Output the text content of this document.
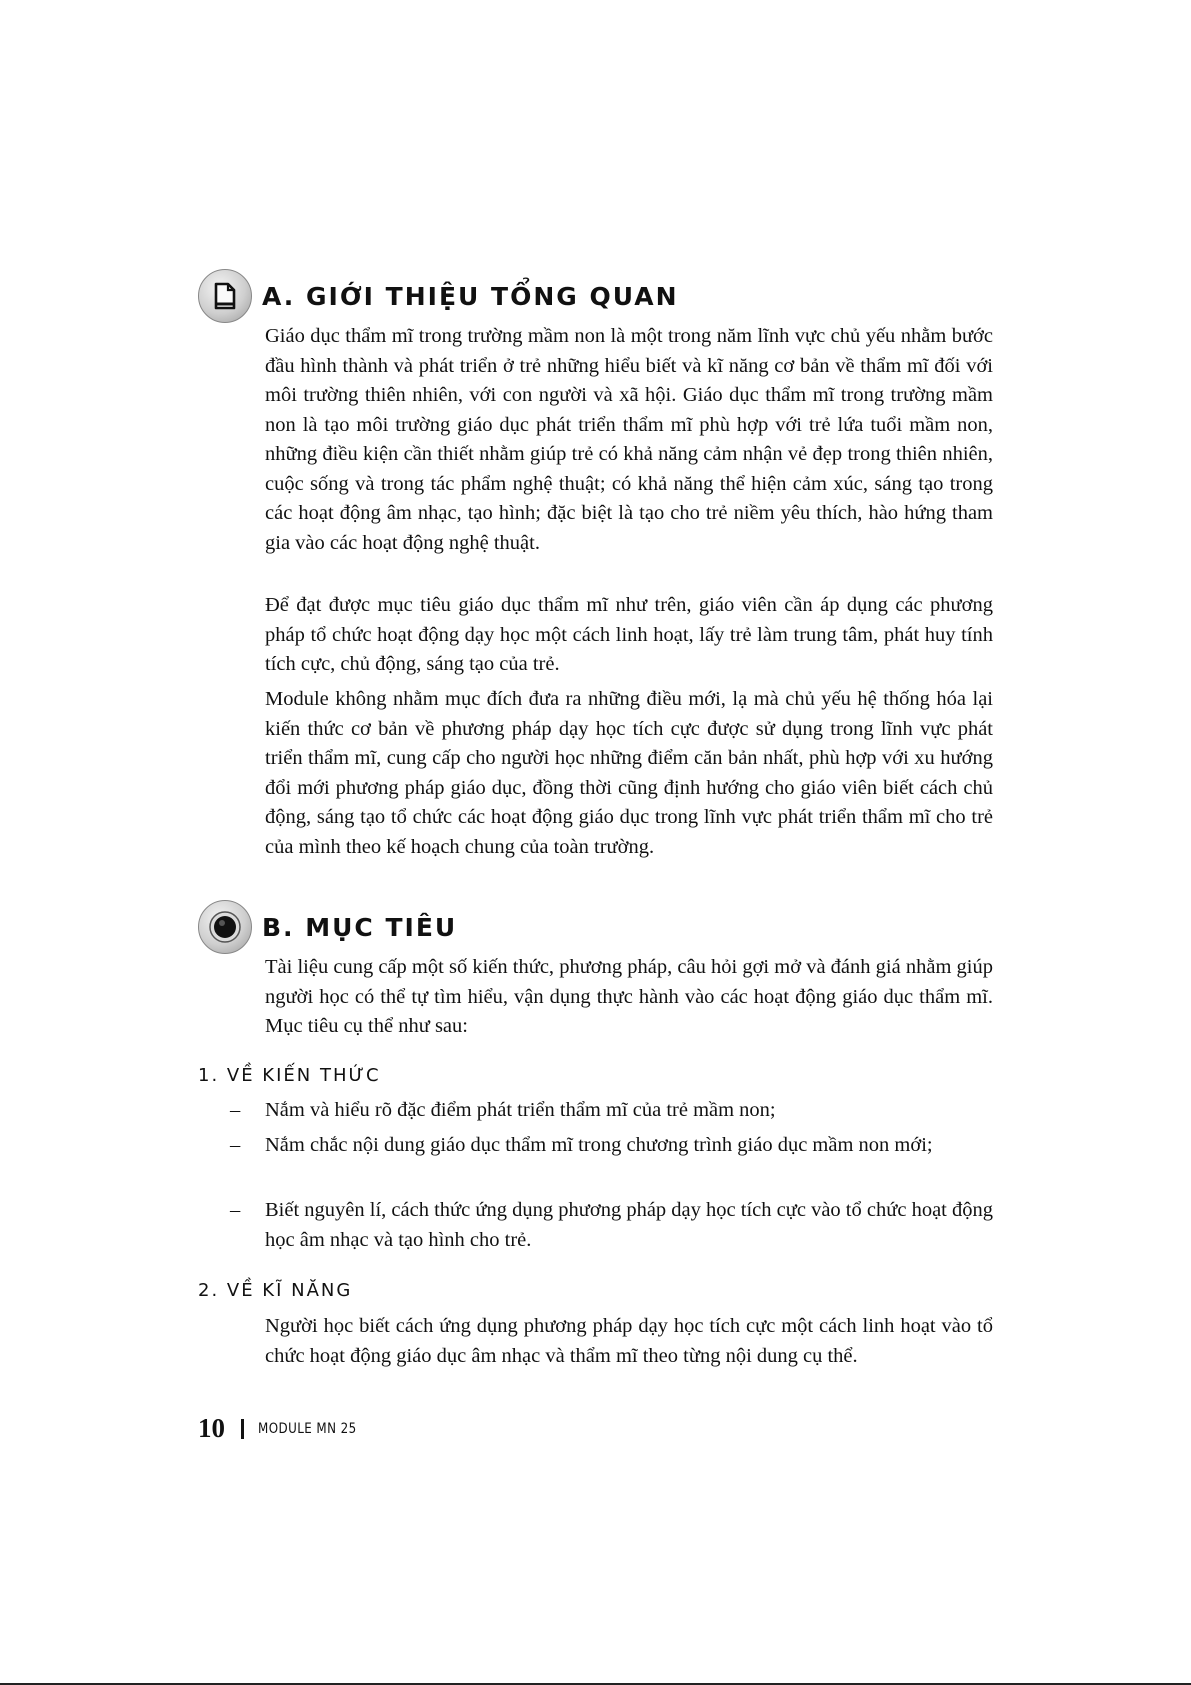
A. GIỚI THIỆU TỔNG QUAN

Giáo dục thẩm mĩ trong trường mầm non là một trong năm lĩnh vực chủ yếu nhằm bước đầu hình thành và phát triển ở trẻ những hiểu biết và kĩ năng cơ bản về thẩm mĩ đối với môi trường thiên nhiên, với con người và xã hội. Giáo dục thẩm mĩ trong trường mầm non là tạo môi trường giáo dục phát triển thẩm mĩ phù hợp với trẻ lứa tuổi mầm non, những điều kiện cần thiết nhằm giúp trẻ có khả năng cảm nhận vẻ đẹp trong thiên nhiên, cuộc sống và trong tác phẩm nghệ thuật; có khả năng thể hiện cảm xúc, sáng tạo trong các hoạt động âm nhạc, tạo hình; đặc biệt là tạo cho trẻ niềm yêu thích, hào hứng tham gia vào các hoạt động nghệ thuật.

Để đạt được mục tiêu giáo dục thẩm mĩ như trên, giáo viên cần áp dụng các phương pháp tổ chức hoạt động dạy học một cách linh hoạt, lấy trẻ làm trung tâm, phát huy tính tích cực, chủ động, sáng tạo của trẻ.

Module không nhằm mục đích đưa ra những điều mới, lạ mà chủ yếu hệ thống hóa lại kiến thức cơ bản về phương pháp dạy học tích cực được sử dụng trong lĩnh vực phát triển thẩm mĩ, cung cấp cho người học những điểm căn bản nhất, phù hợp với xu hướng đổi mới phương pháp giáo dục, đồng thời cũng định hướng cho giáo viên biết cách chủ động, sáng tạo tổ chức các hoạt động giáo dục trong lĩnh vực phát triển thẩm mĩ cho trẻ của mình theo kế hoạch chung của toàn trường.

B. MỤC TIÊU

Tài liệu cung cấp một số kiến thức, phương pháp, câu hỏi gợi mở và đánh giá nhằm giúp người học có thể tự tìm hiểu, vận dụng thực hành vào các hoạt động giáo dục thẩm mĩ. Mục tiêu cụ thể như sau:

1. VỀ KIẾN THỨC
–	Nắm và hiểu rõ đặc điểm phát triển thẩm mĩ của trẻ mầm non;
–	Nắm chắc nội dung giáo dục thẩm mĩ trong chương trình giáo dục mầm non mới;
–	Biết nguyên lí, cách thức ứng dụng phương pháp dạy học tích cực vào tổ chức hoạt động học âm nhạc và tạo hình cho trẻ.
2. VỀ KĨ NĂNG

Người học biết cách ứng dụng phương pháp dạy học tích cực một cách linh hoạt vào tổ chức hoạt động giáo dục âm nhạc và thẩm mĩ theo từng nội dung cụ thể.

10 MODULE MN 25
